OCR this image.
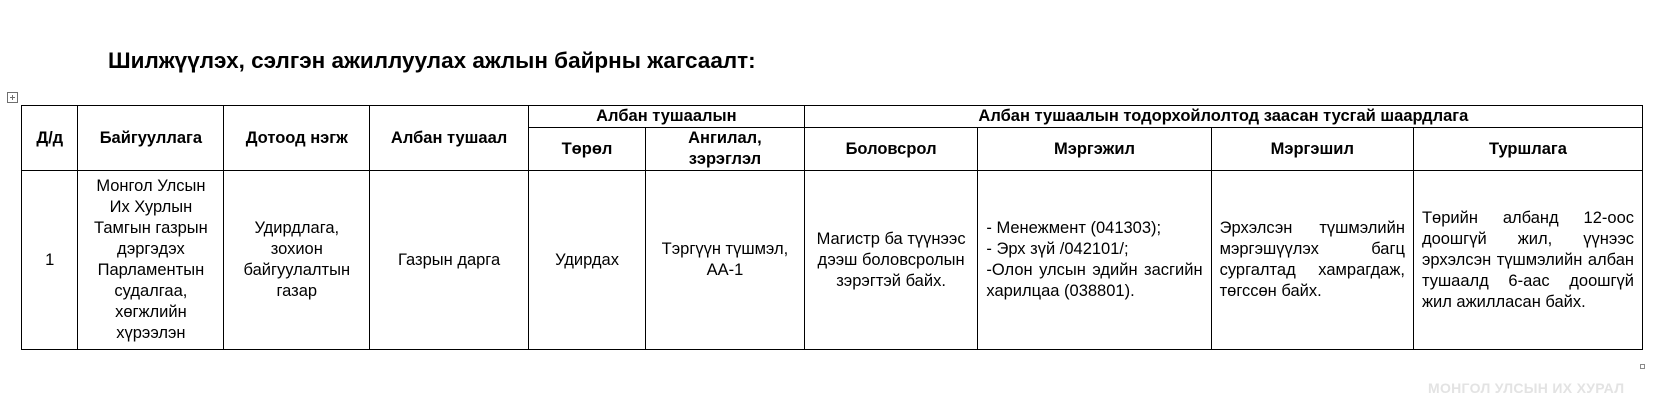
Шилжүүлэх, сэлгэн ажиллуулах ажлын байрны жагсаалт:
Д/д	Байгууллага	Дотоод нэгж	Албан тушаал	Албан тушаалын		Албан тушаалын тодорхойлолтод заасан тусгай шаардлага			
				Төрөл	Ангилал, зэрэглэл	Боловсрол	Мэргэжил	Мэргэшил	Туршлага
1	Монгол Улсын Их Хурлын Тамгын газрын дэргэдэх Парламентын судалгаа, хөгжлийн хүрээлэн	Удирдлага, зохион байгуулалтын газар	Газрын дарга	Удирдах	Тэргүүн түшмэл, АА-1	Магистр ба түүнээс дээш боловсролын зэрэгтэй байх.	- Менежмент (041303);
- Эрх зүй /042101/;
-Олон улсын эдийн засгийн харилцаа (038801).	Эрхэлсэн түшмэлийн мэргэшүүлэх багц сургалтад хамрагдаж, төгссөн байх.	Төрийн албанд 12-оос доошгүй жил, үүнээс эрхэлсэн түшмэлийн албан тушаалд 6-аас доошгүй жил ажилласан байх.
МОНГОЛ УЛСЫН ИХ ХУРАЛ
